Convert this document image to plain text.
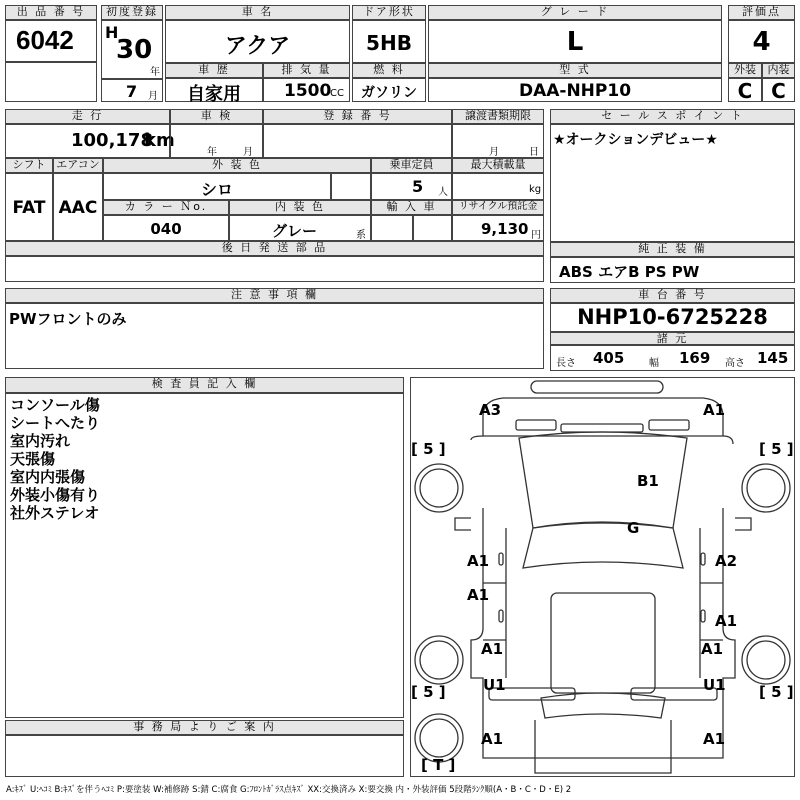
出 品 番 号
6042
初度登録
H
30
年
7 月
車 名
アクア
ドア形状
5HB
グ レ ー ド
L
評価点
4
車 歴
自家用
排 気 量
1500
CC
燃 料
ガソリン
型 式
DAA-NHP10
外装	内装
C C
走 行
100,178
km
車 検
年	月
登 録 番 号	譲渡書類期限
月	日
シフト エアコン
FAT AAC
外 装 色
シロ
乗車定員
5 人
最大積載量
kg
カ ラ ー Ｎo.
040
内 装 色
グレー	系
輸 入 車	リサイクル預託金
9,130 円
後 日 発 送 部 品
セ ー ル ス ポ イ ン ト
★オークションデビュー★
純 正 装 備
ABS エアB PS PW
注 意 事 項 欄
PWフロントのみ
車 台 番 号
NHP10-6725228
諸 元
長さ 405 幅 169 高さ 145
検 査 員 記 入 欄
コンソール傷
シートへたり
室内汚れ
天張傷
室内内張傷
外装小傷有り
社外ステレオ
事 務 局 よ り ご 案 内
[ 5 ]	[ 5 ]
[ 5 ]	[ 5 ]
[ T ]
A3	A1
B1
G
A1	A2
A1
A1
A1	A1
U1	U1
A1	A1
A:ｷｽﾞ U:ﾍｺﾐ B:ｷｽﾞを伴うﾍｺﾐ P:要塗装 W:補修跡 S:錆 C:腐食 G:ﾌﾛﾝﾄｶﾞﾗｽ点ｷｽﾞ XX:交換済み X:要交換 内・外装評価 5段階ﾗﾝｸ順(A・B・C・D・E) 2
